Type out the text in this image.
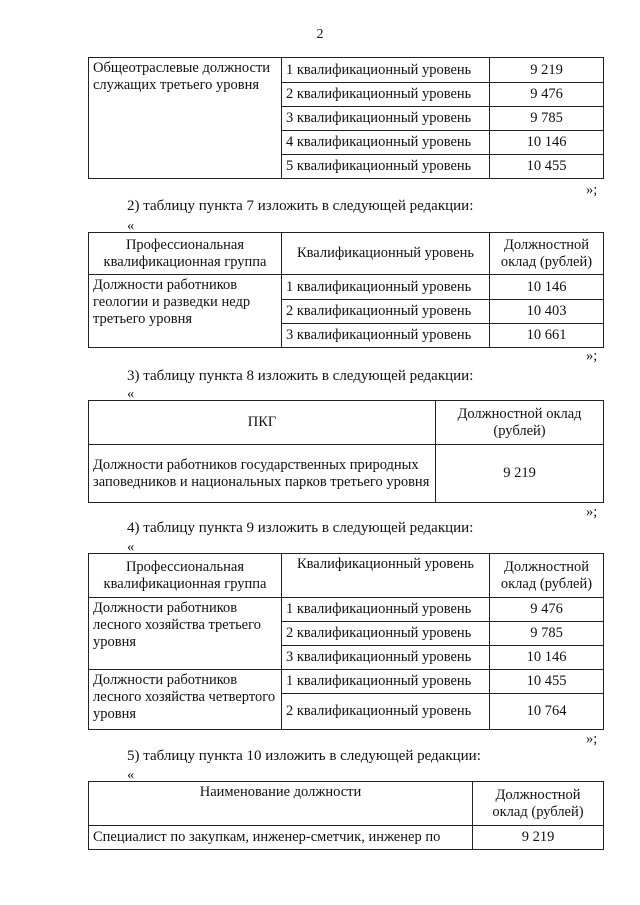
2
Общеотраслевые должности служащих третьего уровня	1 квалификационный уровень	9 219
	2 квалификационный уровень	9 476
	3 квалификационный уровень	9 785
	4 квалификационный уровень	10 146
	5 квалификационный уровень	10 455
»;
2) таблицу пункта 7 изложить в следующей редакции:
«
Профессиональная квалификационная группа	Квалификационный уровень	Должностной оклад (рублей)
Должности работников геологии и разведки недр третьего уровня	1 квалификационный уровень	10 146
	2 квалификационный уровень	10 403
	3 квалификационный уровень	10 661
»;
3) таблицу пункта 8 изложить в следующей редакции:
«
ПКГ	Должностной оклад (рублей)
Должности работников государственных природных заповедников и национальных парков третьего уровня	9 219
»;
4) таблицу пункта 9 изложить в следующей редакции:
«
Профессиональная квалификационная группа	Квалификационный уровень	Должностной оклад (рублей)
Должности работников лесного хозяйства третьего уровня	1 квалификационный уровень	9 476
	2 квалификационный уровень	9 785
	3 квалификационный уровень	10 146
Должности работников лесного хозяйства четвертого уровня	1 квалификационный уровень	10 455
	2 квалификационный уровень	10 764
»;
5) таблицу пункта 10 изложить в следующей редакции:
«
Наименование должности	Должностной оклад (рублей)
Специалист по закупкам, инженер-сметчик, инженер по	9 219
